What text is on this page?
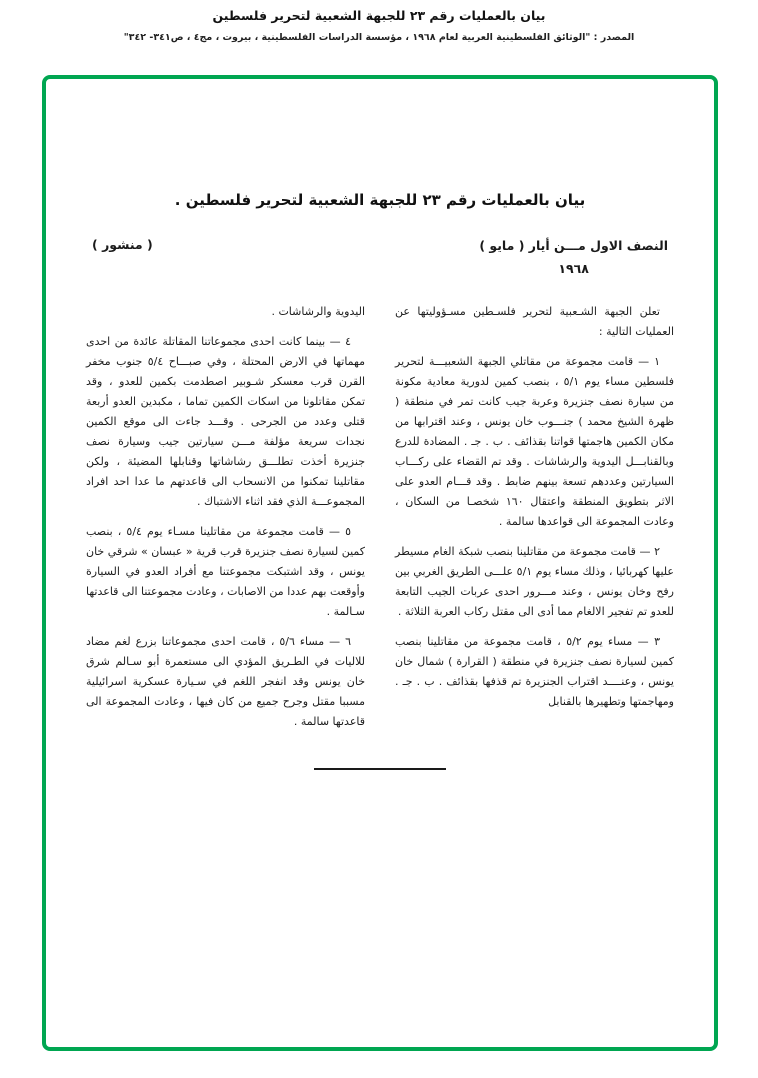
بيان بالعمليات رقم ٢٣ للجبهة الشعبية لتحرير فلسطين
المصدر : "الوثائق الفلسطينية العربية لعام ١٩٦٨ ، مؤسسة الدراسات الفلسطينية ، بيروت ، مج٤ ، ص٣٤١- ٣٤٢"
بيان بالعمليات رقم ٢٣ للجبهة الشعبية لتحرير فلسطين .
النصف الاول مـــن أيار ( مايو )
١٩٦٨
( منشور )

تعلن الجبهة الشـعبية لتحرير فلسـطين مسـؤوليتها عن العمليات التالية :

١ — قامت مجموعة من مقاتلي الجبهة الشعبيـــة لتحرير فلسطين مساء يوم ٥/١ ، بنصب كمين لدورية معادية مكونة من سيارة نصف جنزيرة وعربة جيب كانت تمر في منطقة ( ظهرة الشيخ محمد ) جنـــوب خان يونس ، وعند اقترابها من مكان الكمين هاجمتها قواتنا بقذائف . ب . جـ . المضادة للدرع وبالقنابـــل اليدوية والرشاشات . وقد تم القضاء على ركـــاب السيارتين وعددهم تسعة بينهم ضابط . وقد قـــام العدو على الاثر بتطويق المنطقة واعتقال ١٦٠ شخصـا من السكان ، وعادت المجموعة الى قواعدها سالمة .

٢ — قامت مجموعة من مقاتلينا بنصب شبكة الغام مسيطر عليها كهربائيا ، وذلك مساء يوم ٥/١ علـــى الطريق الغربي بين رفح وخان يونس ، وعند مـــرور احدى عربات الجيب التابعة للعدو تم تفجير الالغام مما أدى الى مقتل ركاب العربة الثلاثة .

٣ — مساء يوم ٥/٢ ، قامت مجموعة من مقاتلينا بنصب كمين لسيارة نصف جنزيرة في منطقة ( القرارة ) شمال خان يونس ، وعنــــد اقتراب الجنزيرة تم قذفها بقذائف . ب . جـ . ومهاجمتها وتطهيرها بالقنابل

اليدوية والرشاشات .

٤ — بينما كانت احدى مجموعاتنا المقاتلة عائدة من احدى مهماتها في الارض المحتلة ، وفي صبـــاح ٥/٤ جنوب مخفر القرن قرب معسكر شـوبير اصطدمت بكمين للعدو ، وقد تمكن مقاتلونا من اسكات الكمين تماما ، مكبدين العدو أربعة قتلى وعدد من الجرحى . وقـــد جاءت الى موقع الكمين نجدات سريعة مؤلفة مـــن سيارتين جيب وسيارة نصف جنزيرة أخذت تطلـــق رشاشاتها وقنابلها المضيئة ، ولكن مقاتلينا تمكنوا من الانسحاب الى قاعدتهم ما عدا احد افراد المجموعـــة الذي فقد اثناء الاشتباك .

٥ — قامت مجموعة من مقاتلينا مسـاء يوم ٥/٤ ، بنصب كمين لسيارة نصف جنزيرة قرب قرية « عبسان » شرقي خان يونس ، وقد اشتبكت مجموعتنا مع أفراد العدو في السيارة وأوقعت بهم عددا من الاصابات ، وعادت مجموعتنا الى قاعدتها سـالمة .

٦ — مساء ٥/٦ ، قامت احدى مجموعاتنا بزرع لغم مضاد للاليات في الطـريق المؤدي الى مستعمرة أبو سـالم شرق خان يونس وقد انفجر اللغم في سـيارة عسكرية اسرائيلية مسببا مقتل وجرح جميع من كان فيها ، وعادت المجموعة الى قاعدتها سالمة .
